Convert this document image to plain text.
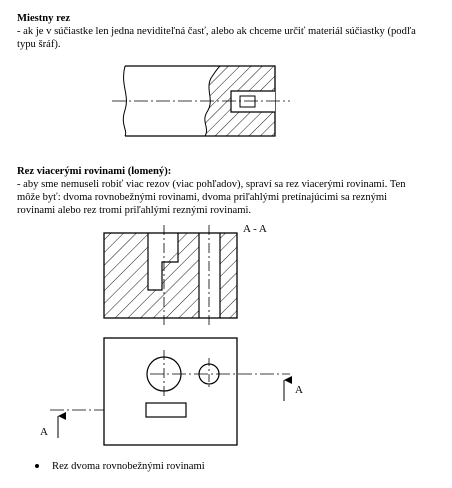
Miestny rez
- ak je v súčiastke len jedna neviditeľná časť, alebo ak chceme určiť materiál súčiastky (podľa
typu šráf).
Rez viacerými rovinami (lomený):
- aby sme nemuseli robiť viac rezov (viac pohľadov), spraví sa rez viacerými rovinami. Ten
môže byť: dvoma rovnobežnými rovinami, dvoma priľahlými pretínajúcimi sa reznými
rovinami alebo rez tromi priľahlými reznými rovinami.
A - A
A
A
Rez dvoma rovnobežnými rovinami
